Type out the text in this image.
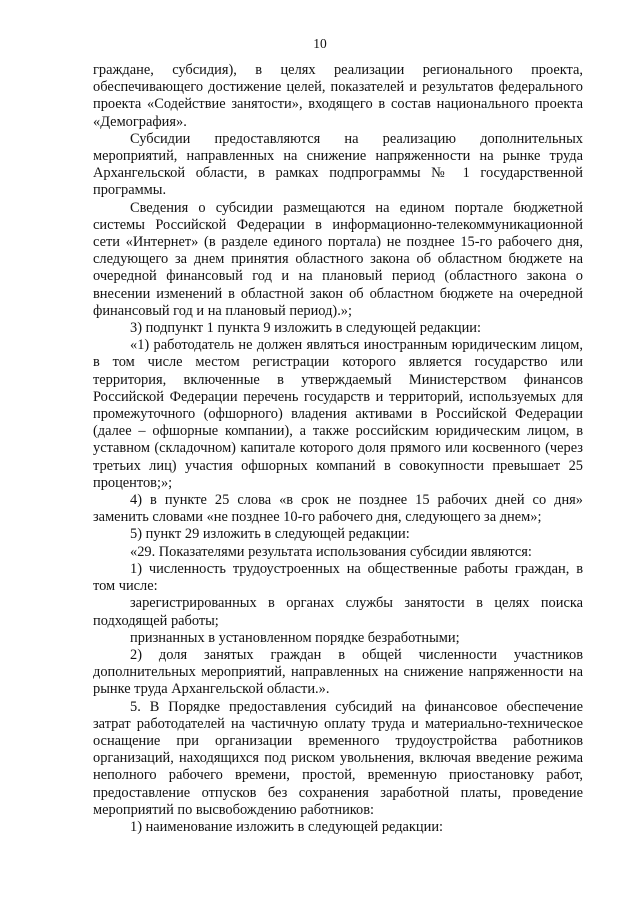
10

граждане, субсидия), в целях реализации регионального проекта, обеспечивающего достижение целей, показателей и результатов федерального проекта «Содействие занятости», входящего в состав национального проекта «Демография».

Субсидии предоставляются на реализацию дополнительных мероприятий, направленных на снижение напряженности на рынке труда Архангельской области, в рамках подпрограммы № 1 государственной программы.

Сведения о субсидии размещаются на едином портале бюджетной системы Российской Федерации в информационно-телекоммуникационной сети «Интернет» (в разделе единого портала) не позднее 15-го рабочего дня, следующего за днем принятия областного закона об областном бюджете на очередной финансовый год и на плановый период (областного закона о внесении изменений в областной закон об областном бюджете на очередной финансовый год и на плановый период).»;

3) подпункт 1 пункта 9 изложить в следующей редакции:

«1) работодатель не должен являться иностранным юридическим лицом, в том числе местом регистрации которого является государство или территория, включенные в утверждаемый Министерством финансов Российской Федерации перечень государств и территорий, используемых для промежуточного (офшорного) владения активами в Российской Федерации (далее – офшорные компании), а также российским юридическим лицом, в уставном (складочном) капитале которого доля прямого или косвенного (через третьих лиц) участия офшорных компаний в совокупности превышает 25 процентов;»;

4) в пункте 25 слова «в срок не позднее 15 рабочих дней со дня» заменить словами «не позднее 10-го рабочего дня, следующего за днем»;

5) пункт 29 изложить в следующей редакции:

«29. Показателями результата использования субсидии являются:

1) численность трудоустроенных на общественные работы граждан, в том числе:

зарегистрированных в органах службы занятости в целях поиска подходящей работы;

признанных в установленном порядке безработными;

2) доля занятых граждан в общей численности участников дополнительных мероприятий, направленных на снижение напряженности на рынке труда Архангельской области.».

5. В Порядке предоставления субсидий на финансовое обеспечение затрат работодателей на частичную оплату труда и материально-техническое оснащение при организации временного трудоустройства работников организаций, находящихся под риском увольнения, включая введение режима неполного рабочего времени, простой, временную приостановку работ, предоставление отпусков без сохранения заработной платы, проведение мероприятий по высвобождению работников:

1) наименование изложить в следующей редакции:
